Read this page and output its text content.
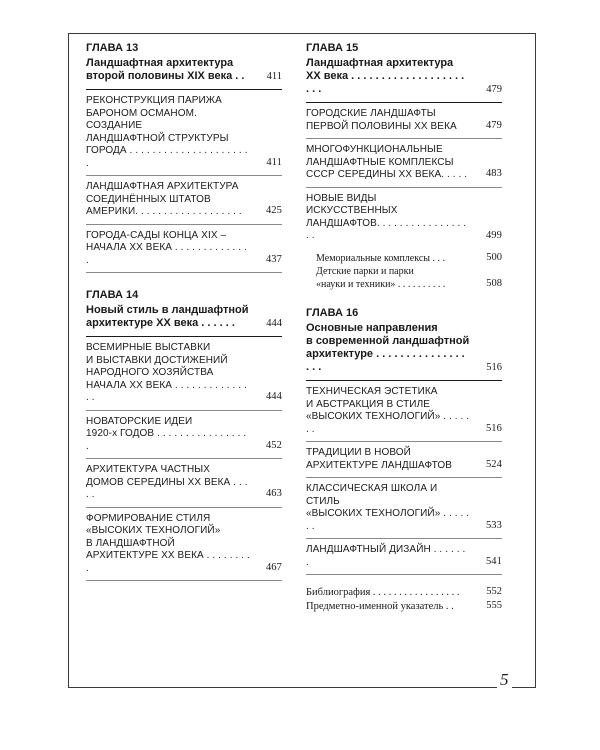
ГЛАВА 13
Ландшафтная архитектура
второй половины XIX века . .	411
РЕКОНСТРУКЦИЯ ПАРИЖА
БАРОНОМ ОСМАНОМ. СОЗДАНИЕ
ЛАНДШАФТНОЙ СТРУКТУРЫ
ГОРОДА . . . . . . . . . . . . . . . . . . . . . .	411
ЛАНДШАФТНАЯ АРХИТЕКТУРА
СОЕДИНЁННЫХ ШТАТОВ
АМЕРИКИ. . . . . . . . . . . . . . . . . . .	425
ГОРОДА-САДЫ КОНЦА XIX –
НАЧАЛА XX ВЕКА . . . . . . . . . . . . . .	437
ГЛАВА 14
Новый стиль в ландшафтной
архитектуре XX века . . . . . .	444
ВСЕМИРНЫЕ ВЫСТАВКИ
И ВЫСТАВКИ ДОСТИЖЕНИЙ
НАРОДНОГО ХОЗЯЙСТВА
НАЧАЛА XX ВЕКА . . . . . . . . . . . . . . .	444
НОВАТОРСКИЕ ИДЕИ
1920-х ГОДОВ . . . . . . . . . . . . . . . . .	452
АРХИТЕКТУРА ЧАСТНЫХ
ДОМОВ СЕРЕДИНЫ XX ВЕКА . . . . .	463
ФОРМИРОВАНИЕ СТИЛЯ
«ВЫСОКИХ ТЕХНОЛОГИЙ»
В ЛАНДШАФТНОЙ
АРХИТЕКТУРЕ XX ВЕКА . . . . . . . . .	467
ГЛАВА 15
Ландшафтная архитектура
XX века . . . . . . . . . . . . . . . . . . . . . .	479
ГОРОДСКИЕ ЛАНДШАФТЫ
ПЕРВОЙ ПОЛОВИНЫ XX ВЕКА	479
МНОГОФУНКЦИОНАЛЬНЫЕ
ЛАНДШАФТНЫЕ КОМПЛЕКСЫ
СССР СЕРЕДИНЫ XX ВЕКА. . . . . 483
НОВЫЕ ВИДЫ ИСКУССТВЕННЫХ
ЛАНДШАФТОВ. . . . . . . . . . . . . . . . . .	499
Мемориальные комплексы . . .	500
Детские парки и парки
«науки и техники» . . . . . . . . . .	508
ГЛАВА 16
Основные направления
в современной ландшафтной
архитектуре . . . . . . . . . . . . . . . . . .	516
ТЕХНИЧЕСКАЯ ЭСТЕТИКА
И АБСТРАКЦИЯ В СТИЛЕ
«ВЫСОКИХ ТЕХНОЛОГИЙ» . . . . . . .	516
ТРАДИЦИИ В НОВОЙ
АРХИТЕКТУРЕ ЛАНДШАФТОВ	524
КЛАССИЧЕСКАЯ ШКОЛА И СТИЛЬ
«ВЫСОКИХ ТЕХНОЛОГИЙ» . . . . . . .	533
ЛАНДШАФТНЫЙ ДИЗАЙН . . . . . . .	541
Библиография . . . . . . . . . . . . . . . . .	552
Предметно-именной указатель . .	555
5
